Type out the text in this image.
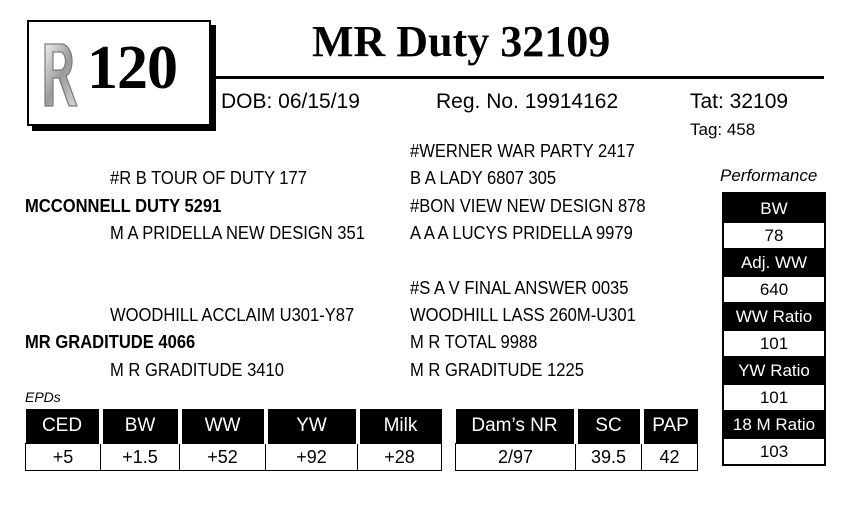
120	MR Duty 32109
DOB: 06/15/19	Reg. No. 19914162	Tat: 32109
Tag: 458
#WERNER WAR PARTY 2417
#R B TOUR OF DUTY 177	B A LADY 6807 305
MCCONNELL DUTY 5291	#BON VIEW NEW DESIGN 878
M A PRIDELLA NEW DESIGN 351	A A A LUCYS PRIDELLA 9979
#S A V FINAL ANSWER 0035
WOODHILL ACCLAIM U301-Y87	WOODHILL LASS 260M-U301
MR GRADITUDE 4066	M R TOTAL 9988
M R GRADITUDE 3410	M R GRADITUDE 1225
Performance
BW
78
Adj. WW
640
WW Ratio
101
YW Ratio
101
18 M Ratio
103
EPDs
CED	BW	WW	YW	Milk
+5	+1.5	+52	+92	+28
Dam’s NR	SC	PAP
2/97	39.5	42
